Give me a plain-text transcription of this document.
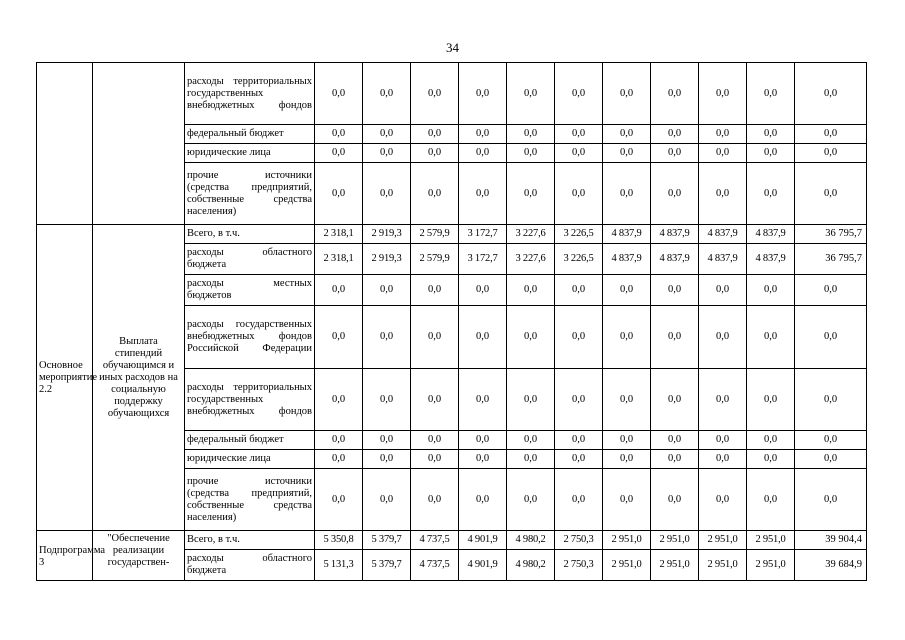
34
		расходы территориальных государственных внебюджетных фондов	0,0	0,0	0,0	0,0	0,0	0,0	0,0	0,0	0,0	0,0	0,0
		федеральный бюджет	0,0	0,0	0,0	0,0	0,0	0,0	0,0	0,0	0,0	0,0	0,0
		юридические лица	0,0	0,0	0,0	0,0	0,0	0,0	0,0	0,0	0,0	0,0	0,0
		прочие источники (средства предприятий, собственные средства населения)	0,0	0,0	0,0	0,0	0,0	0,0	0,0	0,0	0,0	0,0	0,0
Основное мероприятие 2.2	Выплата стипендий обучающимся и иных расходов на социальную поддержку обучающихся	Всего, в т.ч.	2 318,1	2 919,3	2 579,9	3 172,7	3 227,6	3 226,5	4 837,9	4 837,9	4 837,9	4 837,9	36 795,7
		расходы областного бюджета	2 318,1	2 919,3	2 579,9	3 172,7	3 227,6	3 226,5	4 837,9	4 837,9	4 837,9	4 837,9	36 795,7
		расходы местных бюджетов	0,0	0,0	0,0	0,0	0,0	0,0	0,0	0,0	0,0	0,0	0,0
		расходы государственных внебюджетных фондов Российской Федерации	0,0	0,0	0,0	0,0	0,0	0,0	0,0	0,0	0,0	0,0	0,0
		расходы территориальных государственных внебюджетных фондов	0,0	0,0	0,0	0,0	0,0	0,0	0,0	0,0	0,0	0,0	0,0
		федеральный бюджет	0,0	0,0	0,0	0,0	0,0	0,0	0,0	0,0	0,0	0,0	0,0
		юридические лица	0,0	0,0	0,0	0,0	0,0	0,0	0,0	0,0	0,0	0,0	0,0
		прочие источники (средства предприятий, собственные средства населения)	0,0	0,0	0,0	0,0	0,0	0,0	0,0	0,0	0,0	0,0	0,0
Подпрограмма 3	"Обеспечение реализации государствен-	Всего, в т.ч.	5 350,8	5 379,7	4 737,5	4 901,9	4 980,2	2 750,3	2 951,0	2 951,0	2 951,0	2 951,0	39 904,4
		расходы областного бюджета	5 131,3	5 379,7	4 737,5	4 901,9	4 980,2	2 750,3	2 951,0	2 951,0	2 951,0	2 951,0	39 684,9
